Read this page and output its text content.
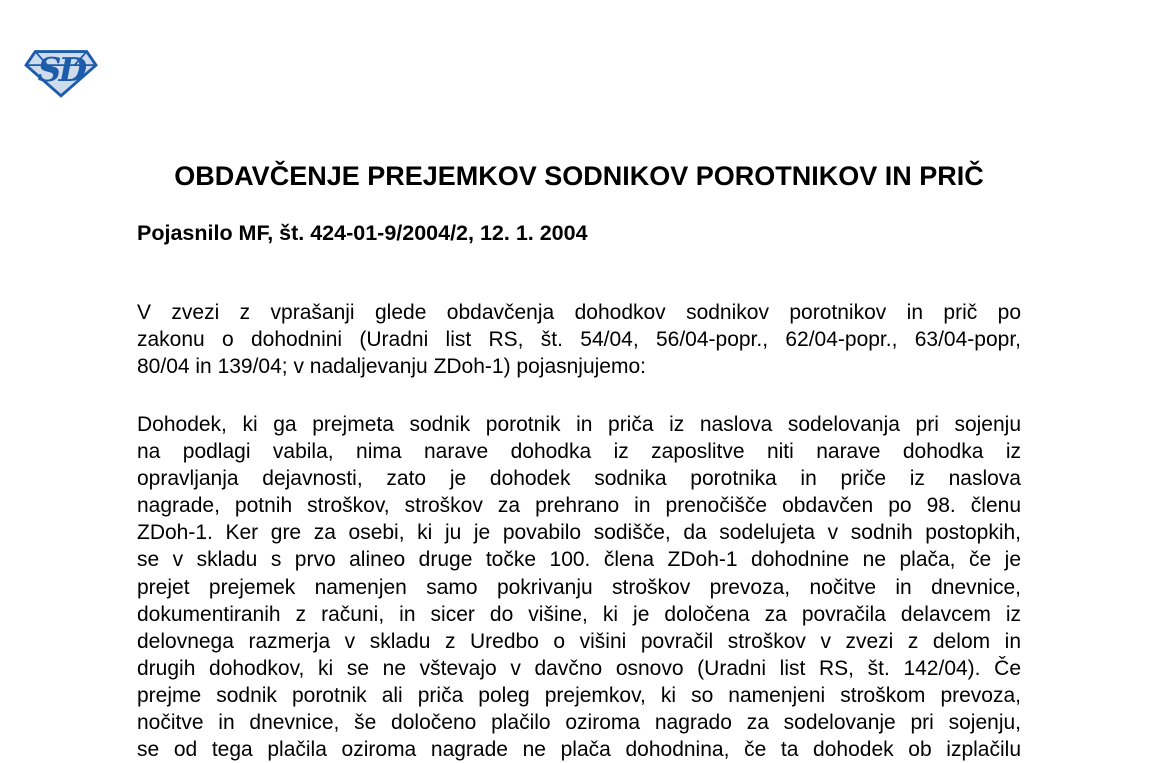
SD
OBDAVČENJE PREJEMKOV SODNIKOV POROTNIKOV IN PRIČ
Pojasnilo MF, št. 424-01-9/2004/2, 12. 1. 2004
V zvezi z vprašanji glede obdavčenja dohodkov sodnikov porotnikov in prič po
zakonu o dohodnini (Uradni list RS, št. 54/04, 56/04-popr., 62/04-popr., 63/04-popr,
80/04 in 139/04; v nadaljevanju ZDoh-1) pojasnjujemo:
Dohodek, ki ga prejmeta sodnik porotnik in priča iz naslova sodelovanja pri sojenju
na podlagi vabila, nima narave dohodka iz zaposlitve niti narave dohodka iz
opravljanja dejavnosti, zato je dohodek sodnika porotnika in priče iz naslova
nagrade, potnih stroškov, stroškov za prehrano in prenočišče obdavčen po 98. členu
ZDoh-1. Ker gre za osebi, ki ju je povabilo sodišče, da sodelujeta v sodnih postopkih,
se v skladu s prvo alineo druge točke 100. člena ZDoh-1 dohodnine ne plača, če je
prejet prejemek namenjen samo pokrivanju stroškov prevoza, nočitve in dnevnice,
dokumentiranih z računi, in sicer do višine, ki je določena za povračila delavcem iz
delovnega razmerja v skladu z Uredbo o višini povračil stroškov v zvezi z delom in
drugih dohodkov, ki se ne vštevajo v davčno osnovo (Uradni list RS, št. 142/04). Če
prejme sodnik porotnik ali priča poleg prejemkov, ki so namenjeni stroškom prevoza,
nočitve in dnevnice, še določeno plačilo oziroma nagrado za sodelovanje pri sojenju,
se od tega plačila oziroma nagrade ne plača dohodnina, če ta dohodek ob izplačilu
